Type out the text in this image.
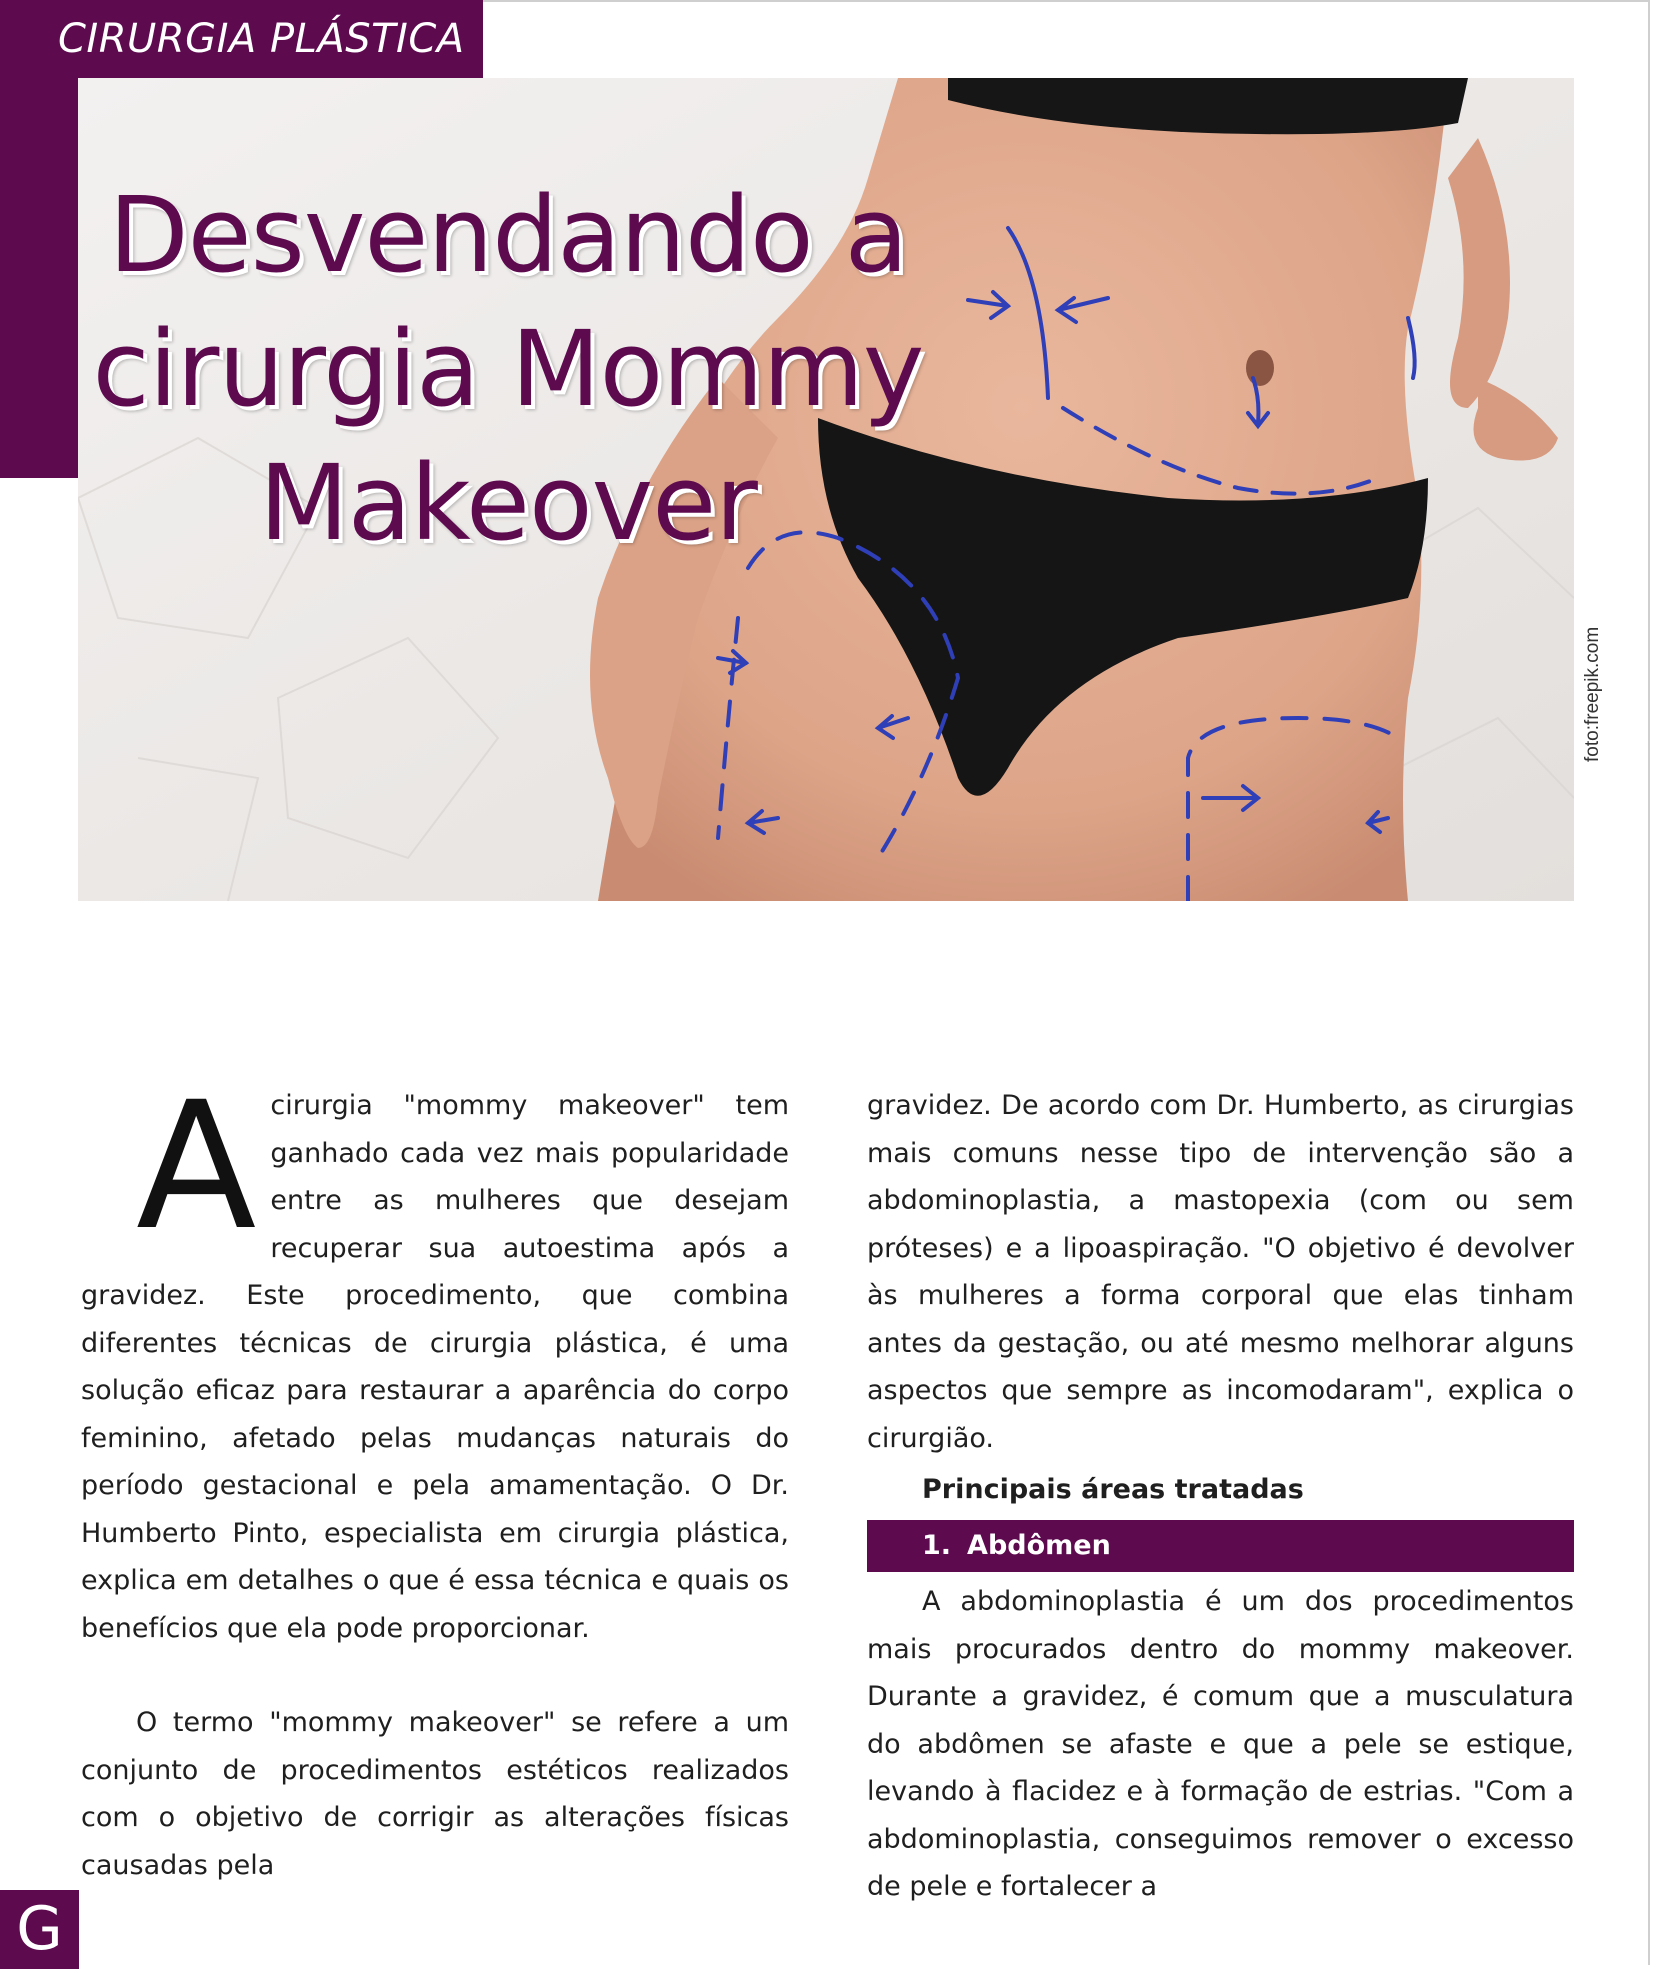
CIRURGIA PLÁSTICA
Desvendando a
cirurgia Mommy
Makeover
foto:freepik.com

A cirurgia "mommy makeover" tem ganhado cada vez mais popularidade entre as mulheres que desejam recuperar sua autoestima após a gravidez. Este procedimento, que combina diferentes técnicas de cirurgia plástica, é uma solução eficaz para restaurar a aparência do corpo feminino, afetado pelas mudanças naturais do período gestacional e pela amamentação. O Dr. Humberto Pinto, especialista em cirurgia plástica, explica em detalhes o que é essa técnica e quais os benefícios que ela pode proporcionar.

O termo "mommy makeover" se refere a um conjunto de procedimentos estéticos realizados com o objetivo de corrigir as alterações físicas causadas pela

gravidez. De acordo com Dr. Humberto, as cirurgias mais comuns nesse tipo de intervenção são a abdominoplastia, a mastopexia (com ou sem próteses) e a lipoaspiração. "O objetivo é devolver às mulheres a forma corporal que elas tinham antes da gestação, ou até mesmo melhorar alguns aspectos que sempre as incomodaram", explica o cirurgião.

Principais áreas tratadas
1. Abdômen

A abdominoplastia é um dos procedimentos mais procurados dentro do mommy makeover. Durante a gravidez, é comum que a musculatura do abdômen se afaste e que a pele se estique, levando à flacidez e à formação de estrias. "Com a abdominoplastia, conseguimos remover o excesso de pele e fortalecer a

G
